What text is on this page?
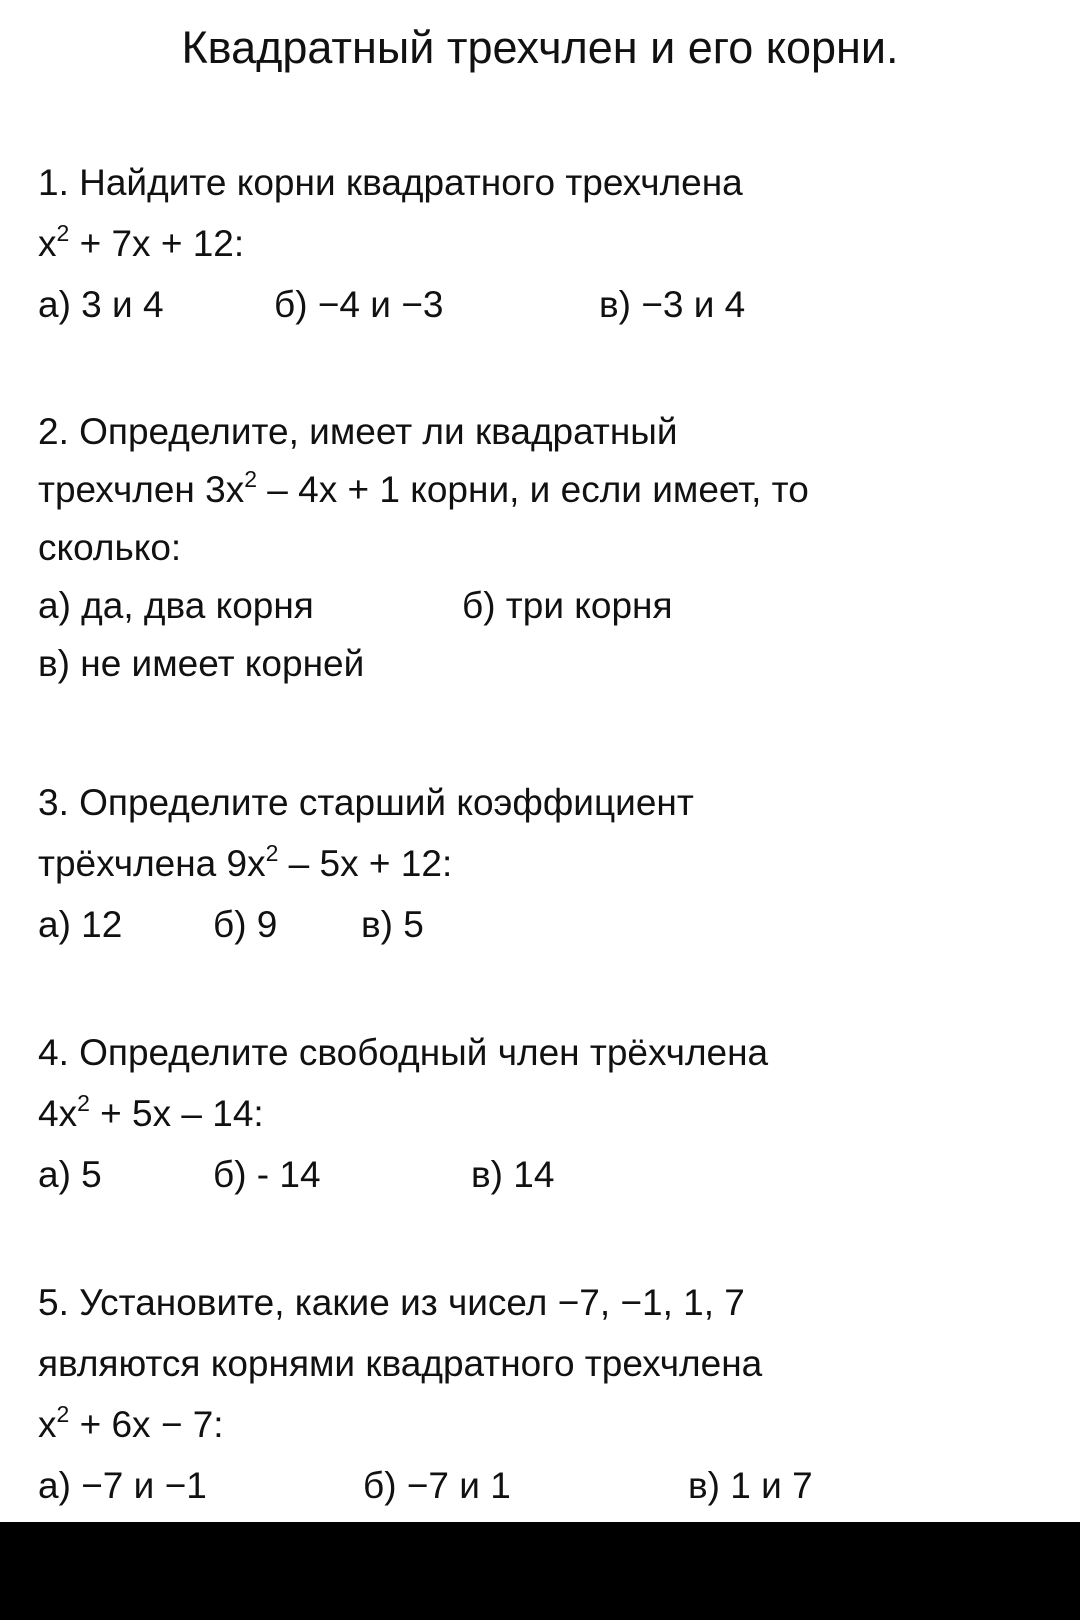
Квадратный трехчлен и его корни.
1. Найдите корни квадратного трехчлена
$x^2 + 7x + 12$:
а) 3 и 4	б) −4 и −3	в) −3 и 4
2. Определите, имеет ли квадратный
трехчлен $3x^2 - 4x + 1$ корни, и если имеет, то
сколько:
а) да, два корня	б) три корня
в) не имеет корней
3. Определите старший коэффициент
трёхчлена $9x^2 - 5x + 12$:
а) 12 б) 9 в) 5
4. Определите свободный член трёхчлена
$4x^2 + 5x - 14$:
а) 5	б) - 14	в) 14
5. Установите, какие из чисел −7, −1, 1, 7
являются корнями квадратного трехчлена
$x^2 + 6x - 7$:
а) −7 и −1	б) −7 и 1	в) 1 и 7
